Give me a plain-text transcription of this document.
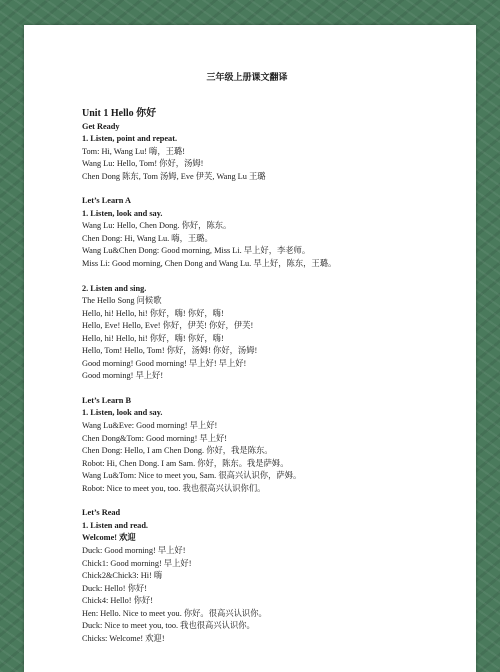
三年级上册课文翻译
Unit 1 Hello 你好
Get Ready
1. Listen, point and repeat.
Tom: Hi, Wang Lu! 嗨，王璐!
Wang Lu: Hello, Tom! 你好，汤姆!
Chen Dong 陈东, Tom 汤姆, Eve 伊芙, Wang Lu 王璐
Let’s Learn A
1. Listen, look and say.
Wang Lu: Hello, Chen Dong. 你好，陈东。
Chen Dong: Hi, Wang Lu. 嗨，王璐。
Wang Lu&Chen Dong: Good morning, Miss Li. 早上好，李老师。
Miss Li: Good morning, Chen Dong and Wang Lu. 早上好，陈东，王璐。
2. Listen and sing.
The Hello Song 问候歌
Hello, hi! Hello, hi! 你好，嗨! 你好，嗨!
Hello, Eve! Hello, Eve! 你好，伊芙! 你好，伊芙!
Hello, hi! Hello, hi! 你好，嗨! 你好，嗨!
Hello, Tom! Hello, Tom! 你好，汤姆! 你好，汤姆!
Good morning! Good morning! 早上好! 早上好!
Good morning! 早上好!
Let’s Learn B
1. Listen, look and say.
Wang Lu&Eve: Good morning! 早上好!
Chen Dong&Tom: Good morning! 早上好!
Chen Dong: Hello, I am Chen Dong. 你好，我是陈东。
Robot: Hi, Chen Dong. I am Sam. 你好，陈东。我是萨姆。
Wang Lu&Tom: Nice to meet you, Sam. 很高兴认识你，萨姆。
Robot: Nice to meet you, too. 我也很高兴认识你们。
Let’s Read
1. Listen and read.
Welcome! 欢迎
Duck: Good morning! 早上好!
Chick1: Good morning! 早上好!
Chick2&Chick3: Hi! 嗨
Duck: Hello! 你好!
Chick4: Hello! 你好!
Hen: Hello. Nice to meet you. 你好。很高兴认识你。
Duck: Nice to meet you, too. 我也很高兴认识你。
Chicks: Welcome! 欢迎!
